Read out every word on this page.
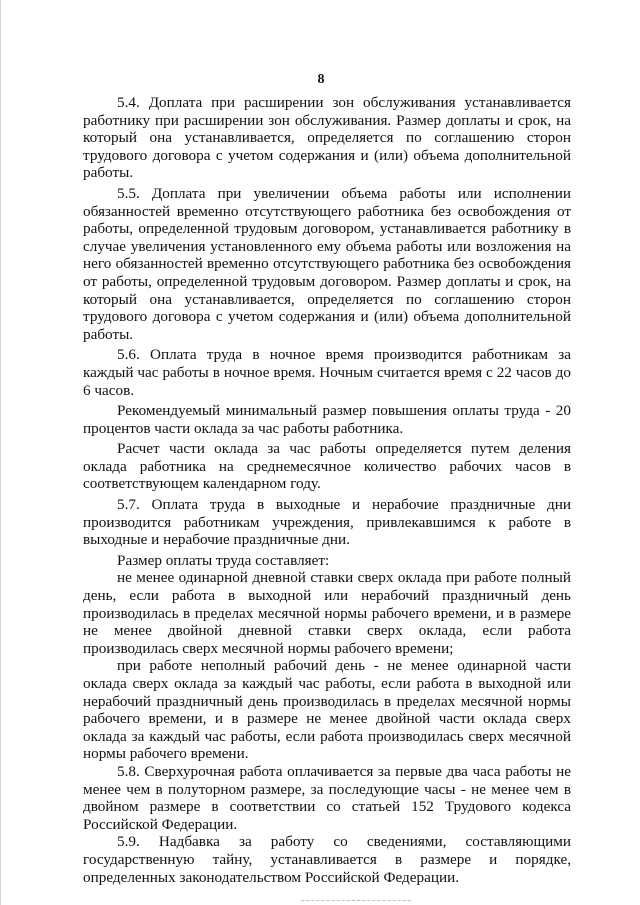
8

5.4. Доплата при расширении зон обслуживания устанавливается работнику при расширении зон обслуживания. Размер доплаты и срок, на который она устанавливается, определяется по соглашению сторон трудового договора с учетом содержания и (или) объема дополнительной работы.

5.5. Доплата при увеличении объема работы или исполнении обязанностей временно отсутствующего работника без освобождения от работы, определенной трудовым договором, устанавливается работнику в случае увеличения установленного ему объема работы или возложения на него обязанностей временно отсутствующего работника без освобождения от работы, определенной трудовым договором. Размер доплаты и срок, на который она устанавливается, определяется по соглашению сторон трудового договора с учетом содержания и (или) объема дополнительной работы.

5.6. Оплата труда в ночное время производится работникам за каждый час работы в ночное время. Ночным считается время с 22 часов до 6 часов.

Рекомендуемый минимальный размер повышения оплаты труда - 20 процентов части оклада за час работы работника.

Расчет части оклада за час работы определяется путем деления оклада работника на среднемесячное количество рабочих часов в соответствующем календарном году.

5.7. Оплата труда в выходные и нерабочие праздничные дни производится работникам учреждения, привлекавшимся к работе в выходные и нерабочие праздничные дни.

Размер оплаты труда составляет:

не менее одинарной дневной ставки сверх оклада при работе полный день, если работа в выходной или нерабочий праздничный день производилась в пределах месячной нормы рабочего времени, и в размере не менее двойной дневной ставки сверх оклада, если работа производилась сверх месячной нормы рабочего времени;

при работе неполный рабочий день - не менее одинарной части оклада сверх оклада за каждый час работы, если работа в выходной или нерабочий праздничный день производилась в пределах месячной нормы рабочего времени, и в размере не менее двойной части оклада сверх оклада за каждый час работы, если работа производилась сверх месячной нормы рабочего времени.

5.8. Сверхурочная работа оплачивается за первые два часа работы не менее чем в полуторном размере, за последующие часы - не менее чем в двойном размере в соответствии со статьей 152 Трудового кодекса Российской Федерации.

5.9. Надбавка за работу со сведениями, составляющими государственную тайну, устанавливается в размере и порядке, определенных законодательством Российской Федерации.
